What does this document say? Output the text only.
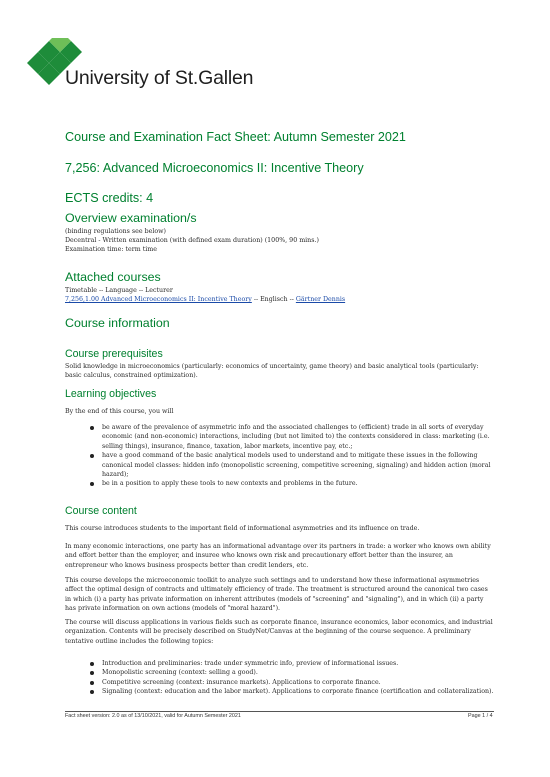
University of St.Gallen
Course and Examination Fact Sheet: Autumn Semester 2021
7,256: Advanced Microeconomics II: Incentive Theory
ECTS credits: 4
Overview examination/s
(binding regulations see below)
Decentral - Written examination (with defined exam duration) (100%, 90 mins.)
Examination time: term time
Attached courses
Timetable -- Language -- Lecturer
7,256,1.00 Advanced Microeconomics II: Incentive Theory -- Englisch -- Gärtner Dennis
Course information
Course prerequisites
Solid knowledge in microeconomics (particularly: economics of uncertainty, game theory) and basic analytical tools (particularly: basic calculus, constrained optimization).
Learning objectives
By the end of this course, you will
be aware of the prevalence of asymmetric info and the associated challenges to (efficient) trade in all sorts of everyday economic (and non-economic) interactions, including (but not limited to) the contexts considered in class: marketing (i.e. selling things), insurance, finance, taxation, labor markets, incentive pay, etc.;
have a good command of the basic analytical models used to understand and to mitigate these issues in the following canonical model classes: hidden info (monopolistic screening, competitive screening, signaling) and hidden action (moral hazard);
be in a position to apply these tools to new contexts and problems in the future.
Course content
This course introduces students to the important field of informational asymmetries and its influence on trade.
In many economic interactions, one party has an informational advantage over its partners in trade: a worker who knows own ability and effort better than the employer, and insuree who knows own risk and precautionary effort better than the insurer, an entrepreneur who knows business prospects better than credit lenders, etc.
This course develops the microeconomic toolkit to analyze such settings and to understand how these informational asymmetries affect the optimal design of contracts and ultimately efficiency of trade. The treatment is structured around the canonical two cases in which (i) a party has private information on inherent attributes (models of "screening" and "signaling"), and in which (ii) a party has private information on own actions (models of "moral hazard").
The course will discuss applications in various fields such as corporate finance, insurance economics, labor economics, and industrial organization. Contents will be precisely described on StudyNet/Canvas at the beginning of the course sequence. A preliminary tentative outline includes the following topics:
Introduction and preliminaries: trade under symmetric info, preview of informational issues.
Monopolistic screening (context: selling a good).
Competitive screening (context: insurance markets). Applications to corporate finance.
Signaling (context: education and the labor market). Applications to corporate finance (certification and collateralization).
Fact sheet version: 2.0 as of 13/10/2021, valid for Autumn Semester 2021	Page 1 / 4
